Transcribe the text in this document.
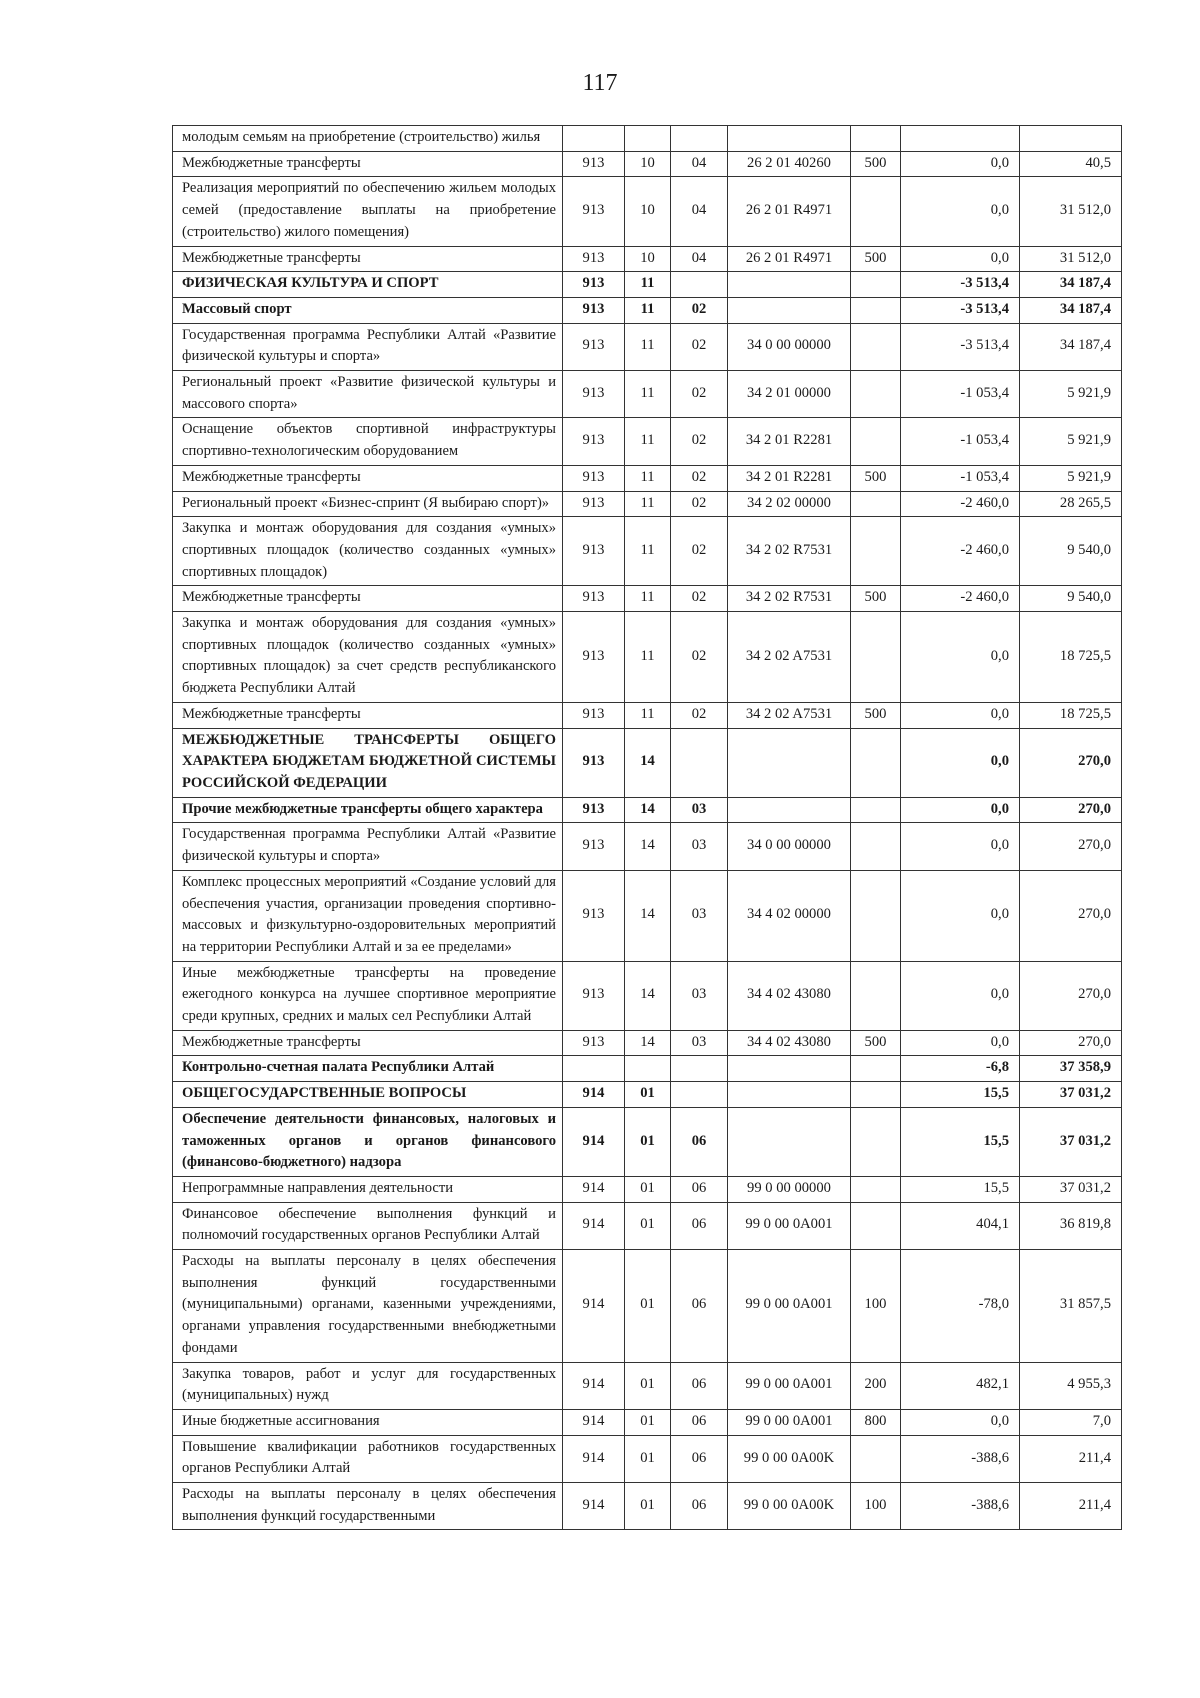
117
молодым семьям на приобретение (строительство) жилья							
Межбюджетные трансферты	913	10	04	26 2 01 40260	500	0,0	40,5
Реализация мероприятий по обеспечению жильем молодых семей (предоставление выплаты на приобретение (строительство) жилого помещения)	913	10	04	26 2 01 R4971		0,0	31 512,0
Межбюджетные трансферты	913	10	04	26 2 01 R4971	500	0,0	31 512,0
ФИЗИЧЕСКАЯ КУЛЬТУРА И СПОРТ	913	11				-3 513,4	34 187,4
Массовый спорт	913	11	02			-3 513,4	34 187,4
Государственная программа Республики Алтай «Развитие физической культуры и спорта»	913	11	02	34 0 00 00000		-3 513,4	34 187,4
Региональный проект «Развитие физической культуры и массового спорта»	913	11	02	34 2 01 00000		-1 053,4	5 921,9
Оснащение объектов спортивной инфраструктуры спортивно-технологическим оборудованием	913	11	02	34 2 01 R2281		-1 053,4	5 921,9
Межбюджетные трансферты	913	11	02	34 2 01 R2281	500	-1 053,4	5 921,9
Региональный проект «Бизнес-спринт (Я выбираю спорт)»	913	11	02	34 2 02 00000		-2 460,0	28 265,5
Закупка и монтаж оборудования для создания «умных» спортивных площадок (количество созданных «умных» спортивных площадок)	913	11	02	34 2 02 R7531		-2 460,0	9 540,0
Межбюджетные трансферты	913	11	02	34 2 02 R7531	500	-2 460,0	9 540,0
Закупка и монтаж оборудования для создания «умных» спортивных площадок (количество созданных «умных» спортивных площадок) за счет средств республиканского бюджета Республики Алтай	913	11	02	34 2 02 A7531		0,0	18 725,5
Межбюджетные трансферты	913	11	02	34 2 02 A7531	500	0,0	18 725,5
МЕЖБЮДЖЕТНЫЕ ТРАНСФЕРТЫ ОБЩЕГО ХАРАКТЕРА БЮДЖЕТАМ БЮДЖЕТНОЙ СИСТЕМЫ РОССИЙСКОЙ ФЕДЕРАЦИИ	913	14				0,0	270,0
Прочие межбюджетные трансферты общего характера	913	14	03			0,0	270,0
Государственная программа Республики Алтай «Развитие физической культуры и спорта»	913	14	03	34 0 00 00000		0,0	270,0
Комплекс процессных мероприятий «Создание условий для обеспечения участия, организации проведения спортивно-массовых и физкультурно-оздоровительных мероприятий на территории Республики Алтай и за ее пределами»	913	14	03	34 4 02 00000		0,0	270,0
Иные межбюджетные трансферты на проведение ежегодного конкурса на лучшее спортивное мероприятие среди крупных, средних и малых сел Республики Алтай	913	14	03	34 4 02 43080		0,0	270,0
Межбюджетные трансферты	913	14	03	34 4 02 43080	500	0,0	270,0
Контрольно-счетная палата Республики Алтай						-6,8	37 358,9
ОБЩЕГОСУДАРСТВЕННЫЕ ВОПРОСЫ	914	01				15,5	37 031,2
Обеспечение деятельности финансовых, налоговых и таможенных органов и органов финансового (финансово-бюджетного) надзора	914	01	06			15,5	37 031,2
Непрограммные направления деятельности	914	01	06	99 0 00 00000		15,5	37 031,2
Финансовое обеспечение выполнения функций и полномочий государственных органов Республики Алтай	914	01	06	99 0 00 0A001		404,1	36 819,8
Расходы на выплаты персоналу в целях обеспечения выполнения функций государственными (муниципальными) органами, казенными учреждениями, органами управления государственными внебюджетными фондами	914	01	06	99 0 00 0A001	100	-78,0	31 857,5
Закупка товаров, работ и услуг для государственных (муниципальных) нужд	914	01	06	99 0 00 0A001	200	482,1	4 955,3
Иные бюджетные ассигнования	914	01	06	99 0 00 0A001	800	0,0	7,0
Повышение квалификации работников государственных органов Республики Алтай	914	01	06	99 0 00 0A00K		-388,6	211,4
Расходы на выплаты персоналу в целях обеспечения выполнения функций государственными	914	01	06	99 0 00 0A00K	100	-388,6	211,4
